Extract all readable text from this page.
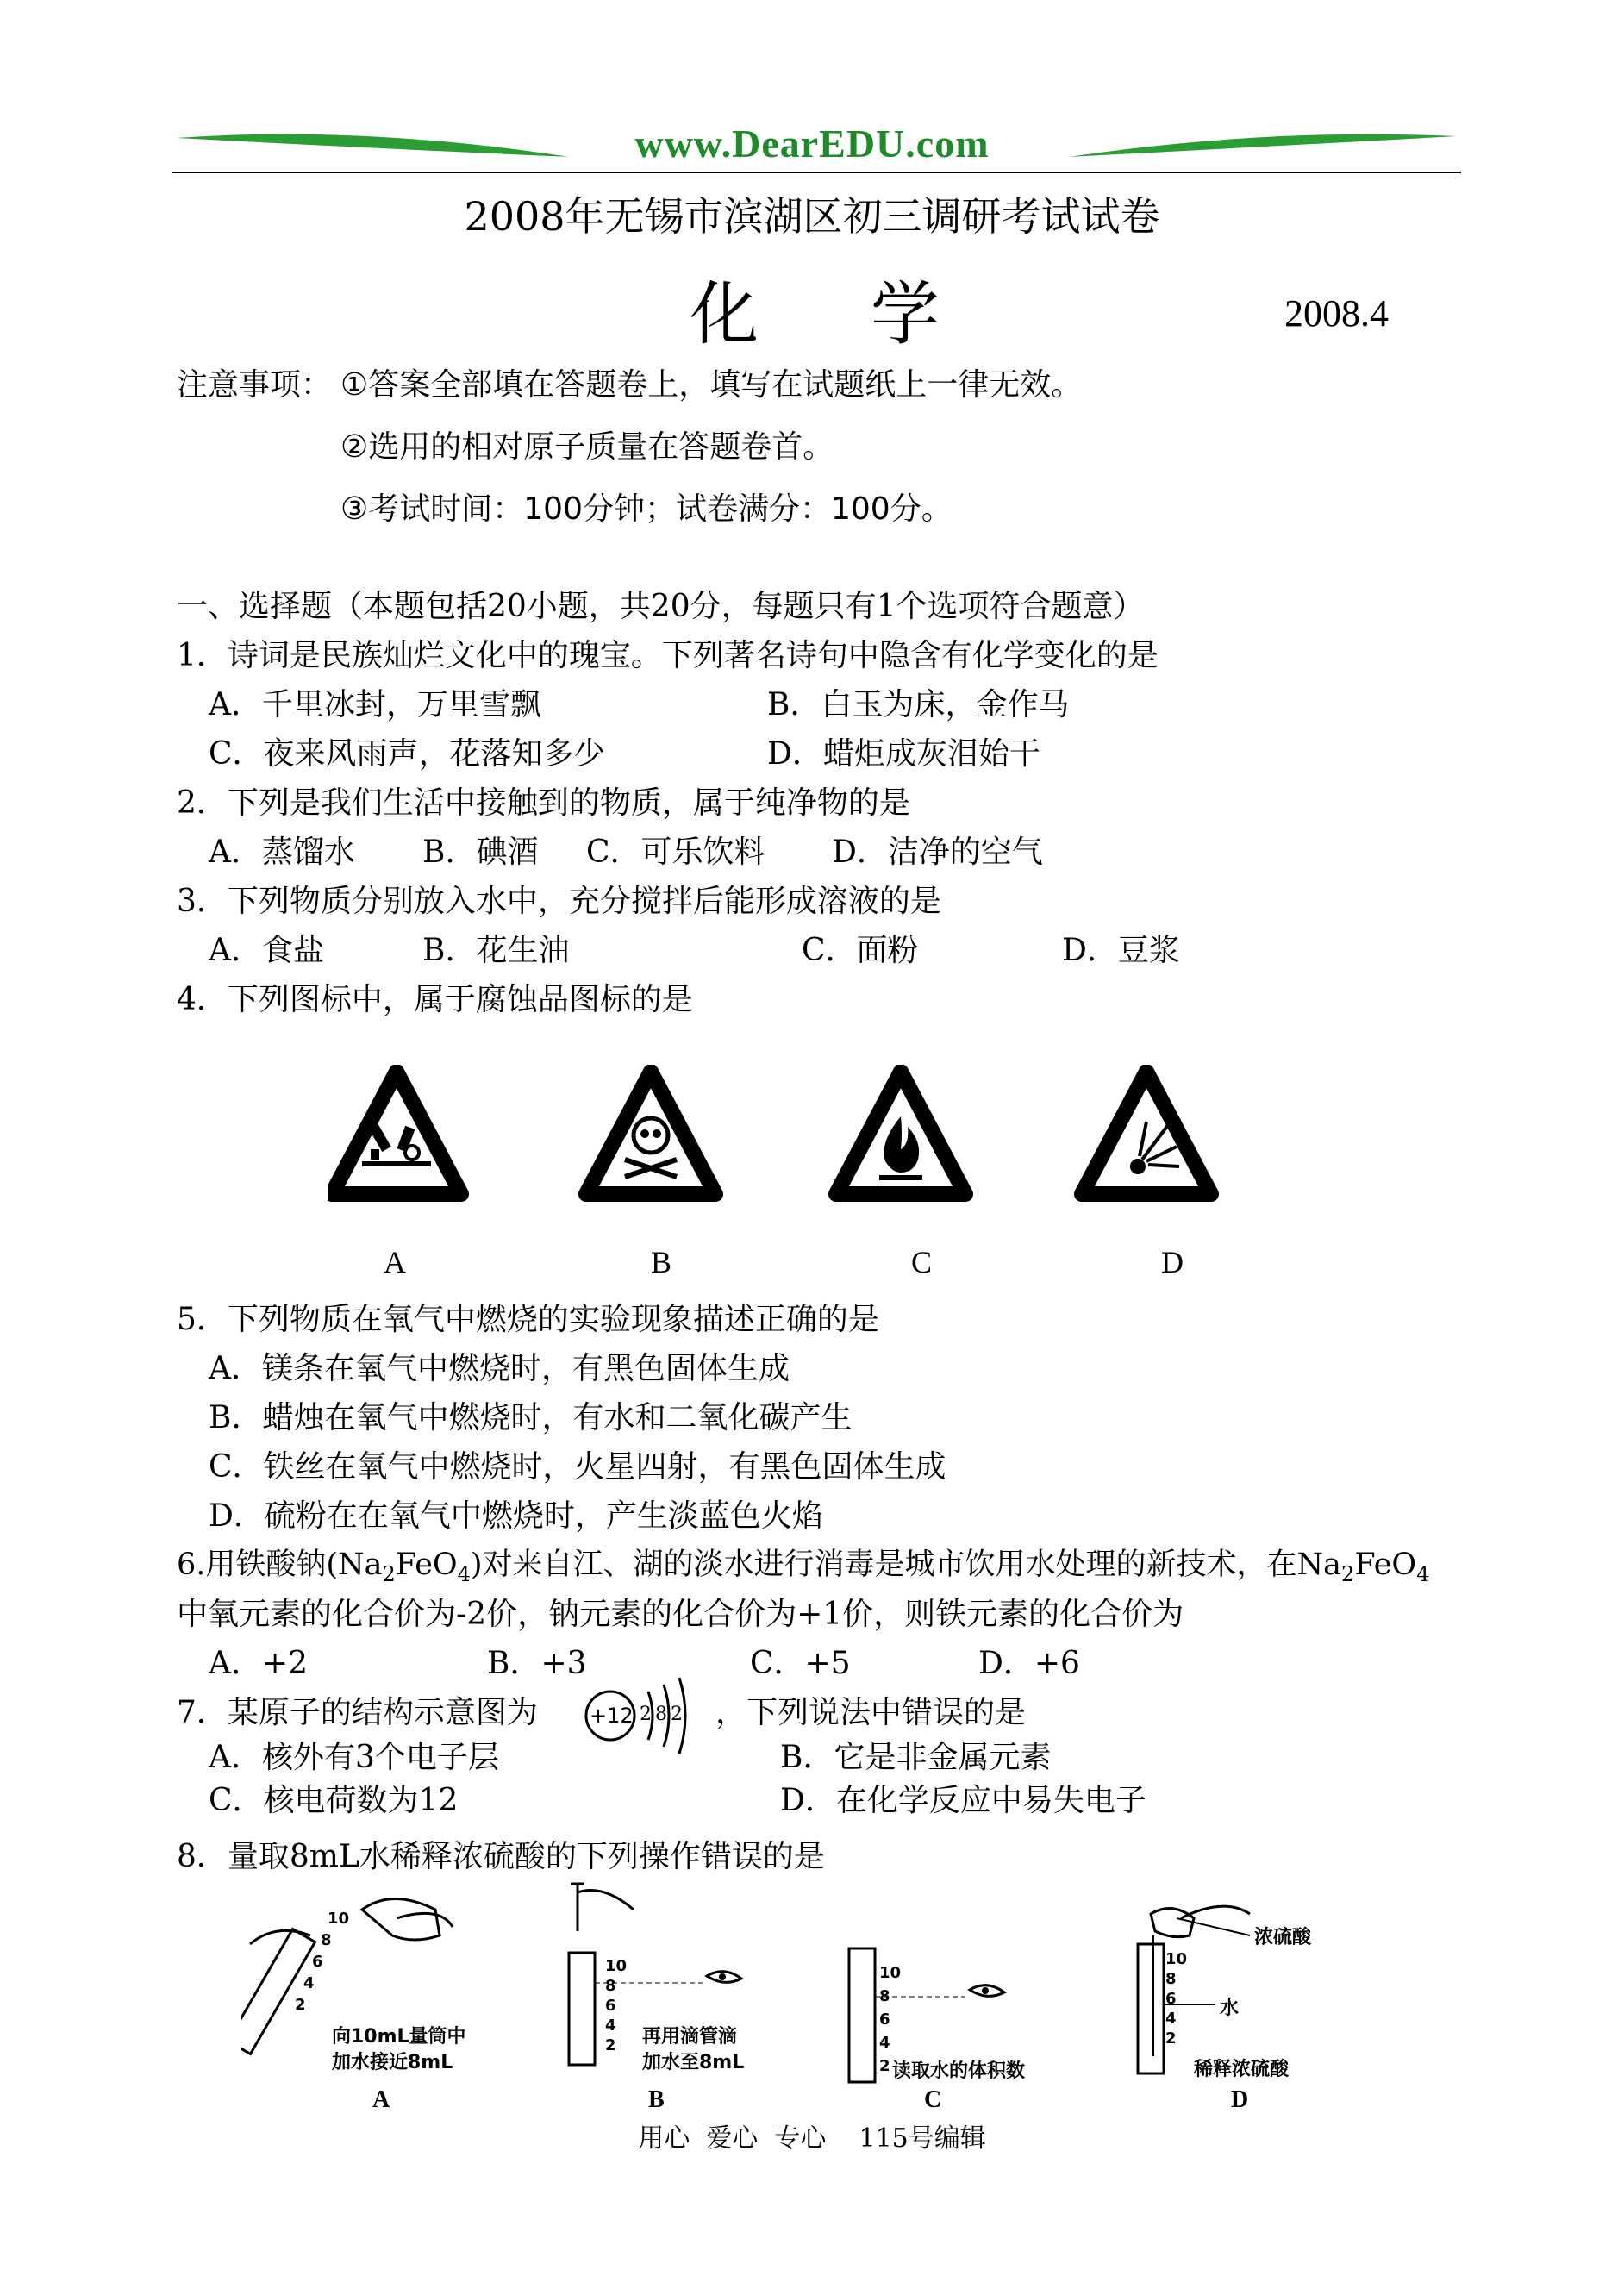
www.DearEDU.com
2008年无锡市滨湖区初三调研考试试卷
化学	2008.4
注意事项： ①答案全部填在答题卷上，填写在试题纸上一律无效。
②选用的相对原子质量在答题卷首。
③考试时间：100分钟；试卷满分：100分。
一、选择题（本题包括20小题，共20分，每题只有1个选项符合题意）
1．诗词是民族灿烂文化中的瑰宝。下列著名诗句中隐含有化学变化的是
A．千里冰封，万里雪飘	B．白玉为床，金作马
C．夜来风雨声，花落知多少	D．蜡炬成灰泪始干
2．下列是我们生活中接触到的物质，属于纯净物的是
A．蒸馏水 B．碘酒 C．可乐饮料 D．洁净的空气
3．下列物质分别放入水中，充分搅拌后能形成溶液的是
A．食盐	B．花生油	C．面粉	D．豆浆
4．下列图标中，属于腐蚀品图标的是
A	B	C	D
5．下列物质在氧气中燃烧的实验现象描述正确的是
A．镁条在氧气中燃烧时，有黑色固体生成
B．蜡烛在氧气中燃烧时，有水和二氧化碳产生
C．铁丝在氧气中燃烧时，火星四射，有黑色固体生成
D．硫粉在在氧气中燃烧时，产生淡蓝色火焰
6.用铁酸钠$(Na_2FeO_4)$对来自江、湖的淡水进行消毒是城市饮用水处理的新技术，在$Na_2FeO_4$
中氧元素的化合价为-2价，钠元素的化合价为+1价，则铁元素的化合价为
A．+2	B．+3	C．+5	D．+6
7．某原子的结构示意图为	+12 2 8 2 ，下列说法中错误的是
A．核外有3个电子层	B．它是非金属元素
C．核电荷数为12	D．在化学反应中易失电子
8．量取8mL水稀释浓硫酸的下列操作错误的是
10
8
6
4
2
向10mL量筒中
加水接近8mL
10
8
6
4
2 再用滴管滴
加水至8mL
10
8
6
4
2 读取水的体积数
10
8
6
4
2
浓硫酸
水
稀释浓硫酸
A	B	C	D
用心  爱心  专心    115号编辑
